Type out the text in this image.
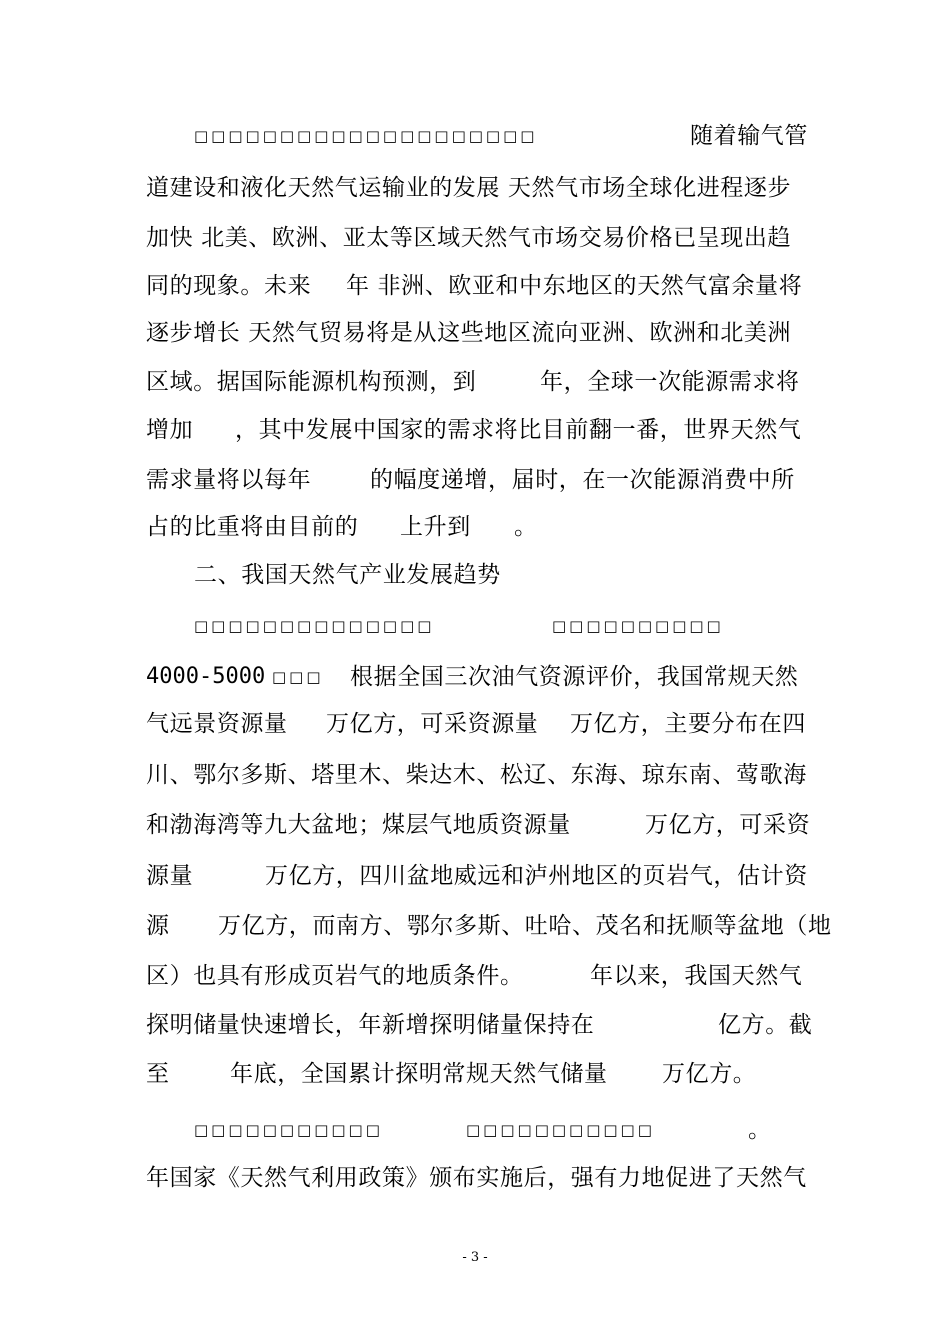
□□□□□□□□□□□□□□□□□□□□	随着输气管
道建设和液化天然气运输业的发展 天然气市场全球化进程逐步
加快 北美、欧洲、亚太等区域天然气市场交易价格已呈现出趋
同的现象。未来 年 非洲、欧亚和中东地区的天然气富余量将
逐步增长 天然气贸易将是从这些地区流向亚洲、欧洲和北美洲
区域。据国际能源机构预测，到	年，全球一次能源需求将
增加 ，其中发展中国家的需求将比目前翻一番，世界天然气
需求量将以每年	的幅度递增，届时，在一次能源消费中所
占的比重将由目前的 上升到 。
二、我国天然气产业发展趋势
□□□□□□□□□□□□□□	□□□□□□□□□□
4000-5000 □□□ 根据全国三次油气资源评价，我国常规天然
气远景资源量 万亿方，可采资源量 万亿方，主要分布在四
川、鄂尔多斯、塔里木、柴达木、松辽、东海、琼东南、莺歌海
和渤海湾等九大盆地；煤层气地质资源量	万亿方，可采资
源量	万亿方，四川盆地威远和泸州地区的页岩气，估计资
源 万亿方，而南方、鄂尔多斯、吐哈、茂名和抚顺等盆地（地
区）也具有形成页岩气的地质条件。	年以来，我国天然气
探明储量快速增长，年新增探明储量保持在	亿方。截
至	年底，全国累计探明常规天然气储量 万亿方。
□□□□□□□□□□□	□□□□□□□□□□□	。
年国家《天然气利用政策》颁布实施后，强有力地促进了天然气
- 3 -
